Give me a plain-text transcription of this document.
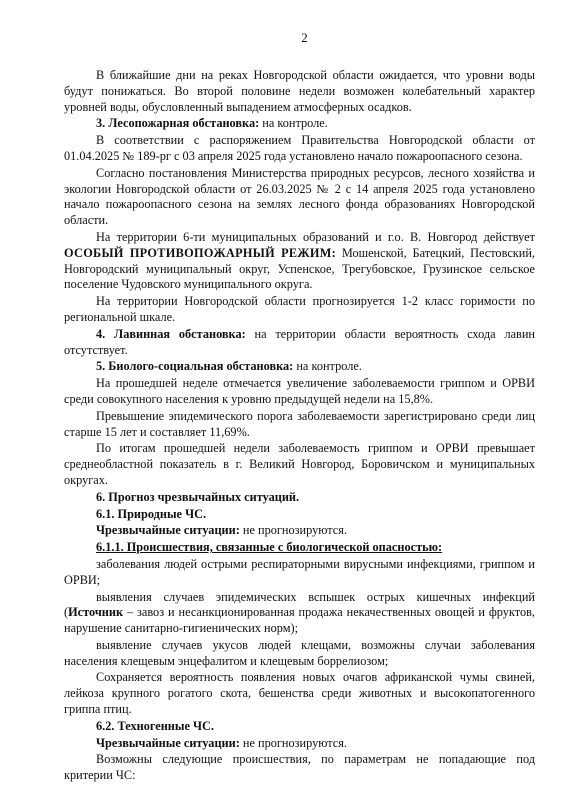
2

В ближайшие дни на реках Новгородской области ожидается, что уровни воды будут понижаться. Во второй половине недели возможен колебательный характер уровней воды, обусловленный выпадением атмосферных осадков.

3. Лесопожарная обстановка: на контроле.

В соответствии с распоряжением Правительства Новгородской области от 01.04.2025 № 189-рг с 03 апреля 2025 года установлено начало пожароопасного сезона.

Согласно постановления Министерства природных ресурсов, лесного хозяйства и экологии Новгородской области от 26.03.2025 № 2 с 14 апреля 2025 года установлено начало пожароопасного сезона на землях лесного фонда образованиях Новгородской области.

На территории 6-ти муниципальных образований и г.о. В. Новгород действует ОСОБЫЙ ПРОТИВОПОЖАРНЫЙ РЕЖИМ: Мошенской, Батецкий, Пестовский, Новгородский муниципальный округ, Успенское, Трегубовское, Грузинское сельское поселение Чудовского муниципального округа.

На территории Новгородской области прогнозируется 1-2 класс горимости по региональной шкале.

4. Лавинная обстановка: на территории области вероятность схода лавин отсутствует.

5. Биолого-социальная обстановка: на контроле.

На прошедшей неделе отмечается увеличение заболеваемости гриппом и ОРВИ среди совокупного населения к уровню предыдущей недели на 15,8%.

Превышение эпидемического порога заболеваемости зарегистрировано среди лиц старше 15 лет и составляет 11,69%.

По итогам прошедшей недели заболеваемость гриппом и ОРВИ превышает среднеобластной показатель в г. Великий Новгород, Боровичском и муниципальных округах.

6. Прогноз чрезвычайных ситуаций.

6.1. Природные ЧС.

Чрезвычайные ситуации: не прогнозируются.

6.1.1. Происшествия, связанные с биологической опасностью:

заболевания людей острыми респираторными вирусными инфекциями, гриппом и ОРВИ;

выявления случаев эпидемических вспышек острых кишечных инфекций (Источник – завоз и несанкционированная продажа некачественных овощей и фруктов, нарушение санитарно-гигиенических норм);

выявление случаев укусов людей клещами, возможны случаи заболевания населения клещевым энцефалитом и клещевым боррелиозом;

Сохраняется вероятность появления новых очагов африканской чумы свиней, лейкоза крупного рогатого скота, бешенства среди животных и высокопатогенного гриппа птиц.

6.2. Техногенные ЧС.

Чрезвычайные ситуации: не прогнозируются.

Возможны следующие происшествия, по параметрам не попадающие под критерии ЧС:
